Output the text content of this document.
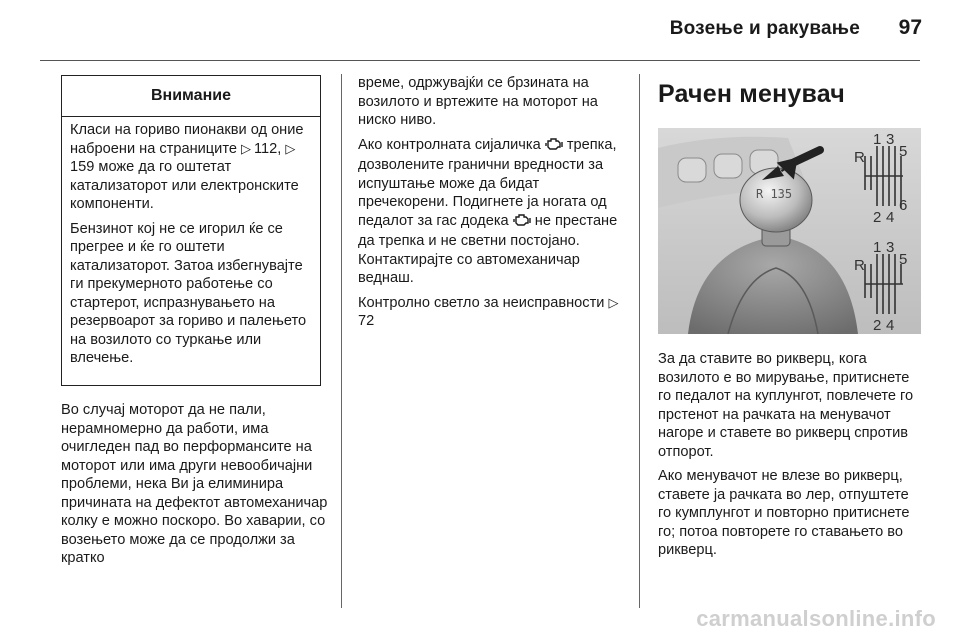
Возење и ракување	97
Внимание

Класи на гориво пионакви од оние наброени на страниците ▷  112, ▷ 159 може да го оштетат катализаторот или електронските компоненти.

Бензинот кој не се игорил ќе се прегрее и ќе го оштети катализаторот. Затоа избегнувајте ги прекумерното работење со стартерот, испразнувањето на резервоарот за гориво и палењето на возилото со туркање или влечење.

Во случај моторот да не пали, нерамномерно да работи, има очигледен пад во перформансите на моторот или има други невообичајни проблеми, нека Ви ја елиминира причината на дефектот автомеханичар колку е можно поскоро. Во хаварии, со возењето може да се продолжи за кратко

време, одржувајќи се брзината на возилото и вртежите на моторот на ниско ниво.

Ако контролната сијаличка  трепка, дозволените гранични вредности за испуштање може да бидат пречекорени. Подигнете ја ногата од педалот за гас додека  не престане да трепка и не светни постојано. Контактирајте со автомеханичар веднаш.

Контролно светло за неисправности ▷ 72

Рачен менувач
R 135
R
1 3
5
2 4
6
R
1 3
5
2 4

За да ставите во рикверц, кога возилото е во мирување, притиснете го педалот на куплунгот, повлечете го прстенот на рачката на менувачот нагоре и ставете во рикверц спротив отпорот.

Ако менувачот не влезе во рикверц, ставете ја рачката во лер, отпуштете го кумплунгот и повторно притиснете го; потоа повторете го ставањето во рикверц.

carmanualsonline.info
